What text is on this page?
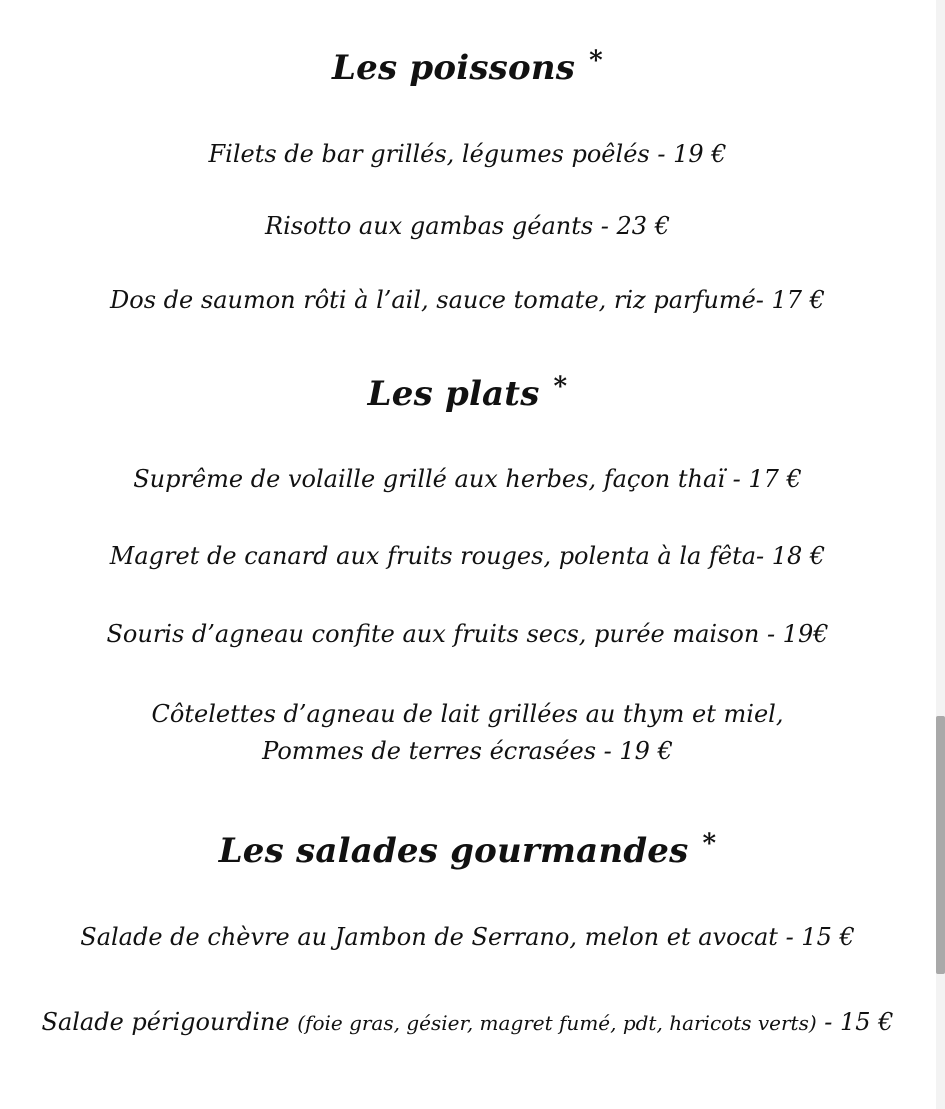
Les poissons *
Filets de bar grillés, légumes poêlés - 19 €
Risotto aux gambas géants - 23 €
Dos de saumon rôti à l’ail, sauce tomate, riz parfumé- 17 €
Les plats *
Suprême de volaille grillé aux herbes, façon thaï - 17 €
Magret de canard aux fruits rouges, polenta à la fêta- 18 €
Souris d’agneau confite aux fruits secs, purée maison - 19€
Côtelettes d’agneau de lait grillées au thym et miel,
Pommes de terres écrasées - 19 €
Les salades gourmandes *
Salade de chèvre au Jambon de Serrano, melon et avocat - 15 €
Salade périgourdine (foie gras, gésier, magret fumé, pdt, haricots verts) - 15 €
